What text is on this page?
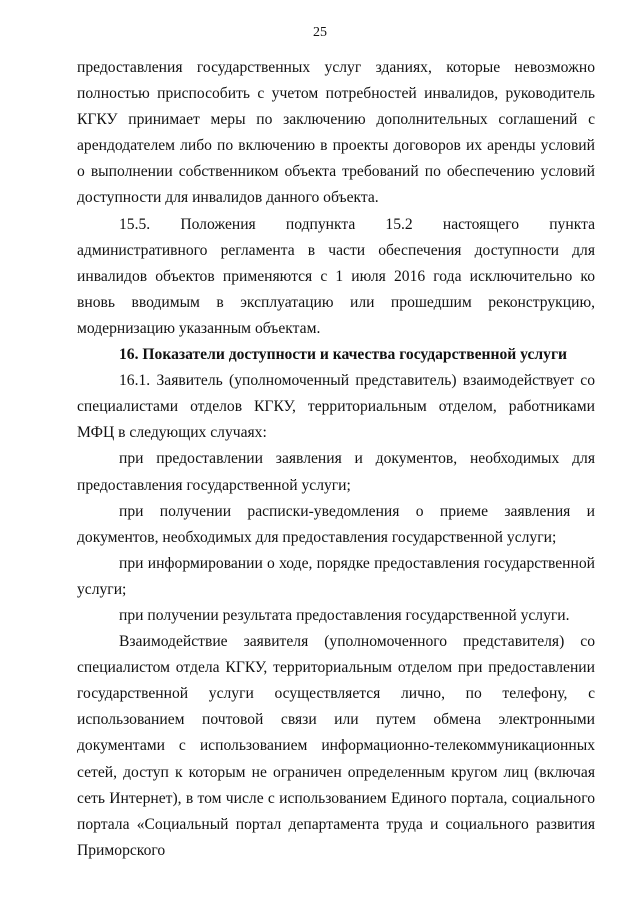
25

предоставления государственных услуг зданиях, которые невозможно полностью приспособить с учетом потребностей инвалидов, руководитель КГКУ принимает меры по заключению дополнительных соглашений с арендодателем либо по включению в проекты договоров их аренды условий о выполнении собственником объекта требований по обеспечению условий доступности для инвалидов данного объекта.

15.5. Положения подпункта 15.2 настоящего пункта административного регламента в части обеспечения доступности для инвалидов объектов применяются с 1 июля 2016 года исключительно ко вновь вводимым в эксплуатацию или прошедшим реконструкцию, модернизацию указанным объектам.

16. Показатели доступности и качества государственной услуги

16.1. Заявитель (уполномоченный представитель) взаимодействует со специалистами отделов КГКУ, территориальным отделом, работниками МФЦ в следующих случаях:

при предоставлении заявления и документов, необходимых для предоставления государственной услуги;

при получении расписки-уведомления о приеме заявления и документов, необходимых для предоставления государственной услуги;

при информировании о ходе, порядке предоставления государственной услуги;

при получении результата предоставления государственной услуги.

Взаимодействие заявителя (уполномоченного представителя) со специалистом отдела КГКУ, территориальным отделом при предоставлении государственной услуги осуществляется лично, по телефону, с использованием почтовой связи или путем обмена электронными документами с использованием информационно-телекоммуникационных сетей, доступ к которым не ограничен определенным кругом лиц (включая сеть Интернет), в том числе с использованием Единого портала, социального портала «Социальный портал департамента труда и социального развития Приморского
